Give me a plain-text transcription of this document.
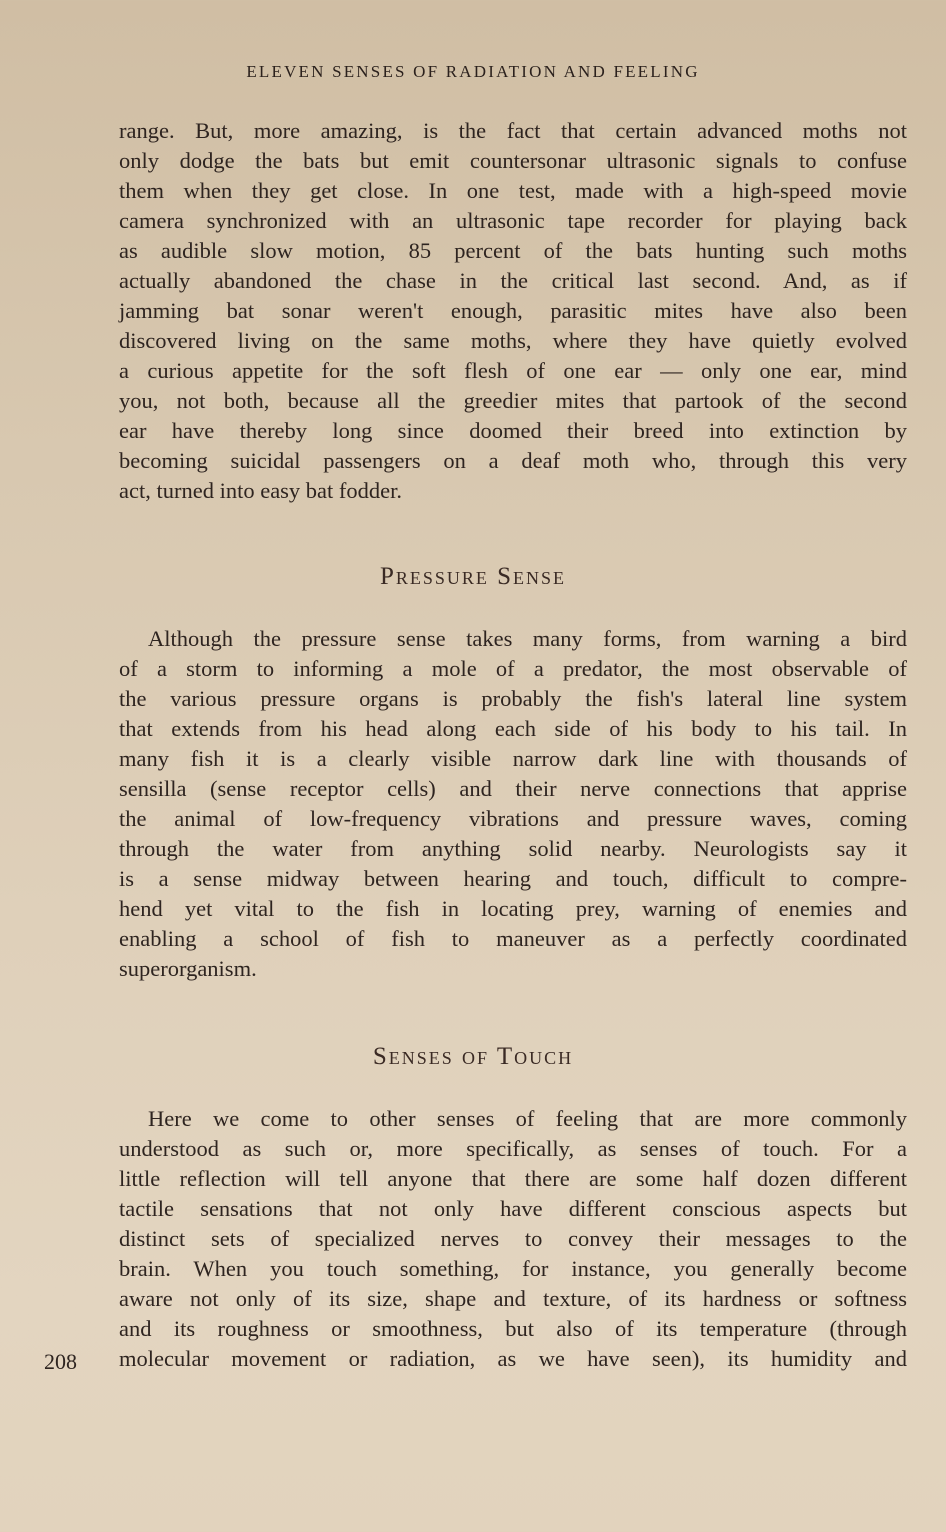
ELEVEN SENSES OF RADIATION AND FEELING
range. But, more amazing, is the fact that certain advanced moths not
only dodge the bats but emit countersonar ultrasonic signals to confuse
them when they get close. In one test, made with a high-speed movie
camera synchronized with an ultrasonic tape recorder for playing back
as audible slow motion, 85 percent of the bats hunting such moths
actually abandoned the chase in the critical last second. And, as if
jamming bat sonar weren't enough, parasitic mites have also been
discovered living on the same moths, where they have quietly evolved
a curious appetite for the soft flesh of one ear — only one ear, mind
you, not both, because all the greedier mites that partook of the second
ear have thereby long since doomed their breed into extinction by
becoming suicidal passengers on a deaf moth who, through this very
act, turned into easy bat fodder.
Pressure Sense
Although the pressure sense takes many forms, from warning a bird
of a storm to informing a mole of a predator, the most observable of
the various pressure organs is probably the fish's lateral line system
that extends from his head along each side of his body to his tail. In
many fish it is a clearly visible narrow dark line with thousands of
sensilla (sense receptor cells) and their nerve connections that apprise
the animal of low-frequency vibrations and pressure waves, coming
through the water from anything solid nearby. Neurologists say it
is a sense midway between hearing and touch, difficult to compre-
hend yet vital to the fish in locating prey, warning of enemies and
enabling a school of fish to maneuver as a perfectly coordinated
superorganism.
Senses of Touch
Here we come to other senses of feeling that are more commonly
understood as such or, more specifically, as senses of touch. For a
little reflection will tell anyone that there are some half dozen different
tactile sensations that not only have different conscious aspects but
distinct sets of specialized nerves to convey their messages to the
brain. When you touch something, for instance, you generally become
aware not only of its size, shape and texture, of its hardness or softness
and its roughness or smoothness, but also of its temperature (through
molecular movement or radiation, as we have seen), its humidity and
208
